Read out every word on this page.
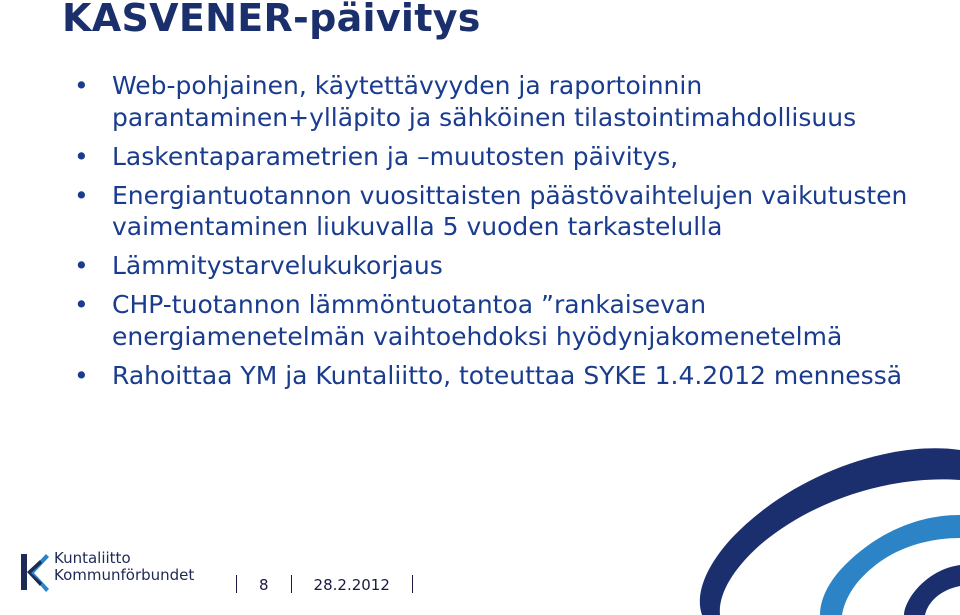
KASVENER-päivitys
• Web-pohjainen, käytettävyyden ja raportoinnin parantaminen+ylläpito ja sähköinen tilastointimahdollisuus
• Laskentaparametrien ja –muutosten päivitys,
• Energiantuotannon vuosittaisten päästövaihtelujen vaikutusten vaimentaminen liukuvalla 5 vuoden tarkastelulla
• Lämmitystarvelukukorjaus
• CHP-tuotannon lämmöntuotantoa ”rankaisevan energiamenetelmän vaihtoehdoksi hyödynjakomenetelmä
• Rahoittaa YM ja Kuntaliitto, toteuttaa SYKE 1.4.2012 mennessä
Kuntaliitto
Kommunförbundet
8	28.2.2012
